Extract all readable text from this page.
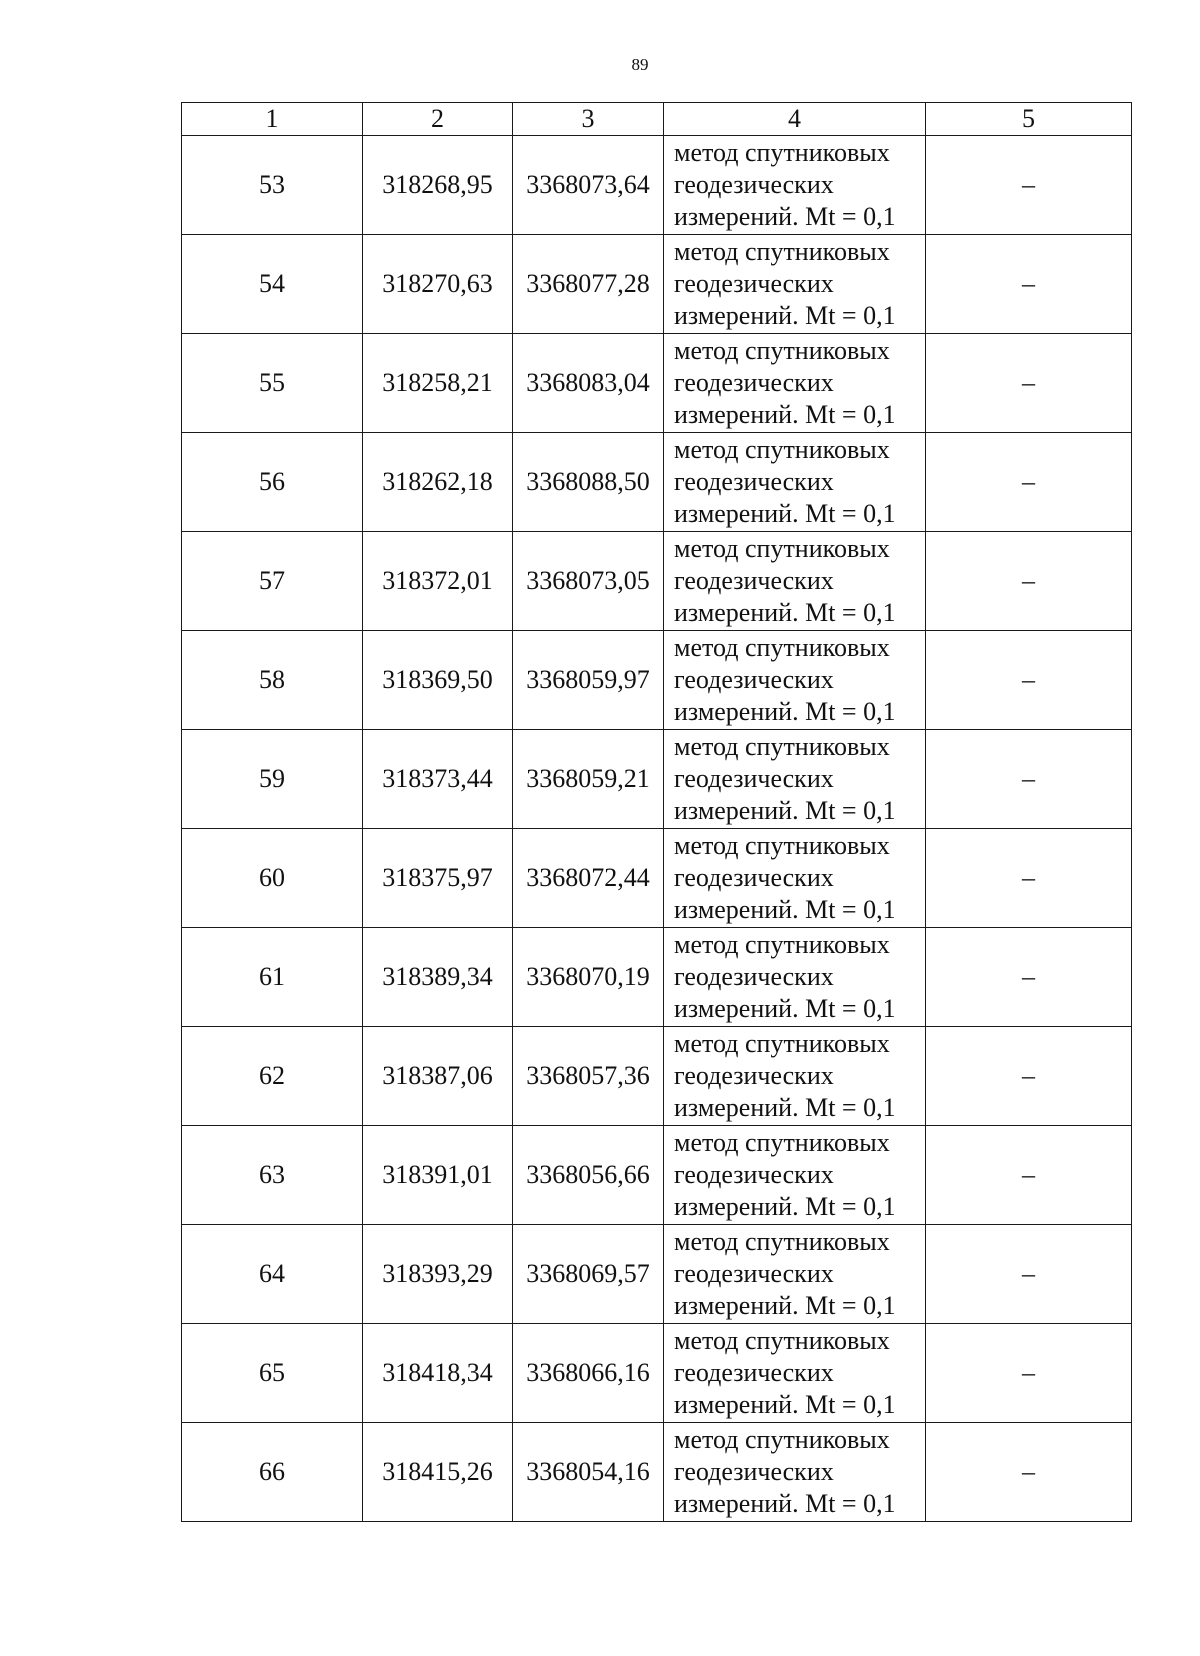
89
1	2	3	4	5
53	318268,95	3368073,64	метод спутниковых
геодезических
измерений. Mt = 0,1	–
54	318270,63	3368077,28	метод спутниковых
геодезических
измерений. Mt = 0,1	–
55	318258,21	3368083,04	метод спутниковых
геодезических
измерений. Mt = 0,1	–
56	318262,18	3368088,50	метод спутниковых
геодезических
измерений. Mt = 0,1	–
57	318372,01	3368073,05	метод спутниковых
геодезических
измерений. Mt = 0,1	–
58	318369,50	3368059,97	метод спутниковых
геодезических
измерений. Mt = 0,1	–
59	318373,44	3368059,21	метод спутниковых
геодезических
измерений. Mt = 0,1	–
60	318375,97	3368072,44	метод спутниковых
геодезических
измерений. Mt = 0,1	–
61	318389,34	3368070,19	метод спутниковых
геодезических
измерений. Mt = 0,1	–
62	318387,06	3368057,36	метод спутниковых
геодезических
измерений. Mt = 0,1	–
63	318391,01	3368056,66	метод спутниковых
геодезических
измерений. Mt = 0,1	–
64	318393,29	3368069,57	метод спутниковых
геодезических
измерений. Mt = 0,1	–
65	318418,34	3368066,16	метод спутниковых
геодезических
измерений. Mt = 0,1	–
66	318415,26	3368054,16	метод спутниковых
геодезических
измерений. Mt = 0,1	–
